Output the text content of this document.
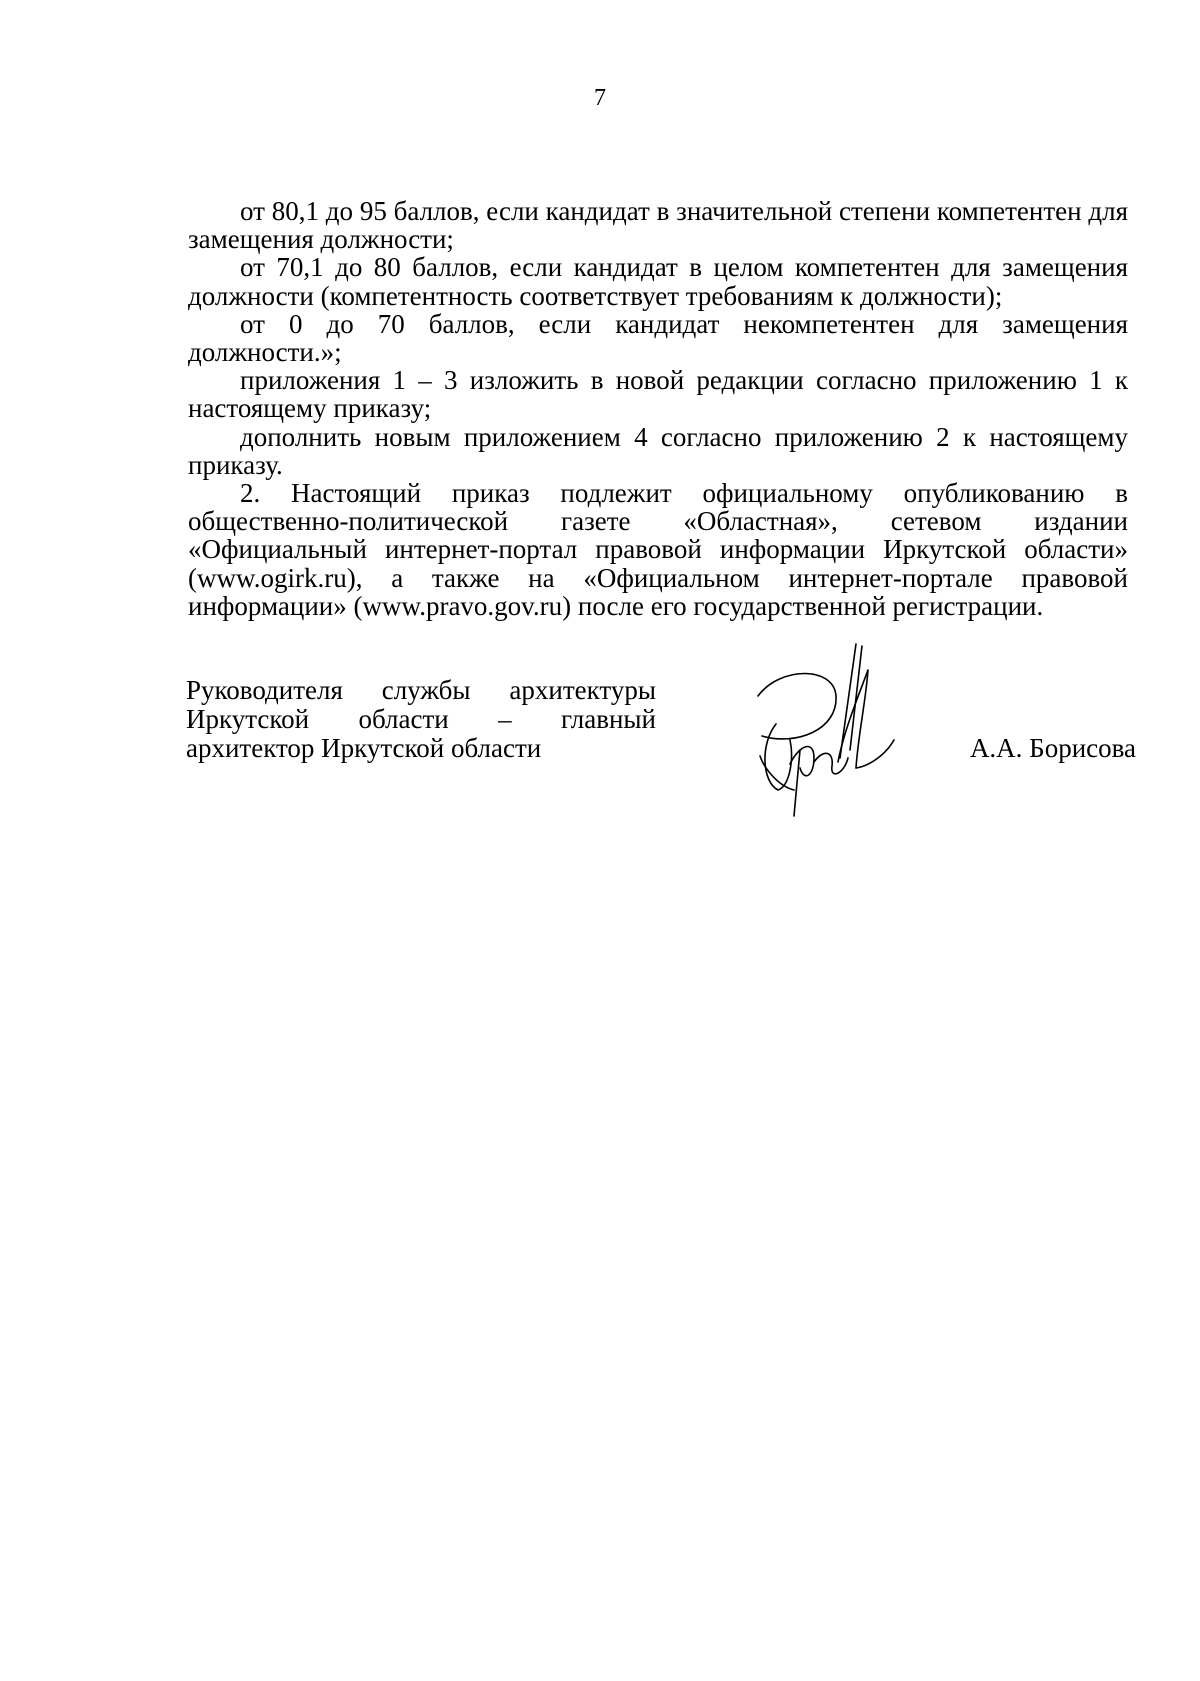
7

от 80,1 до 95 баллов, если кандидат в значительной степени компетентен для замещения должности;

от 70,1 до 80 баллов, если кандидат в целом компетентен для замещения должности (компетентность соответствует требованиям к должности);

от 0 до 70 баллов, если кандидат некомпетентен для замещения должности.»;

приложения 1 – 3 изложить в новой редакции согласно приложению 1 к настоящему приказу;

дополнить новым приложением 4 согласно приложению 2 к настоящему приказу.

2. Настоящий приказ подлежит официальному опубликованию в общественно-политической газете «Областная», сетевом издании «Официальный интернет-портал правовой информации Иркутской области» (www.ogirk.ru), а также на «Официальном интернет-портале правовой информации» (www.pravo.gov.ru) после его государственной регистрации.

Руководителя службы архитектуры
Иркутской области – главный
архитектор Иркутской области	А.А. Борисова
